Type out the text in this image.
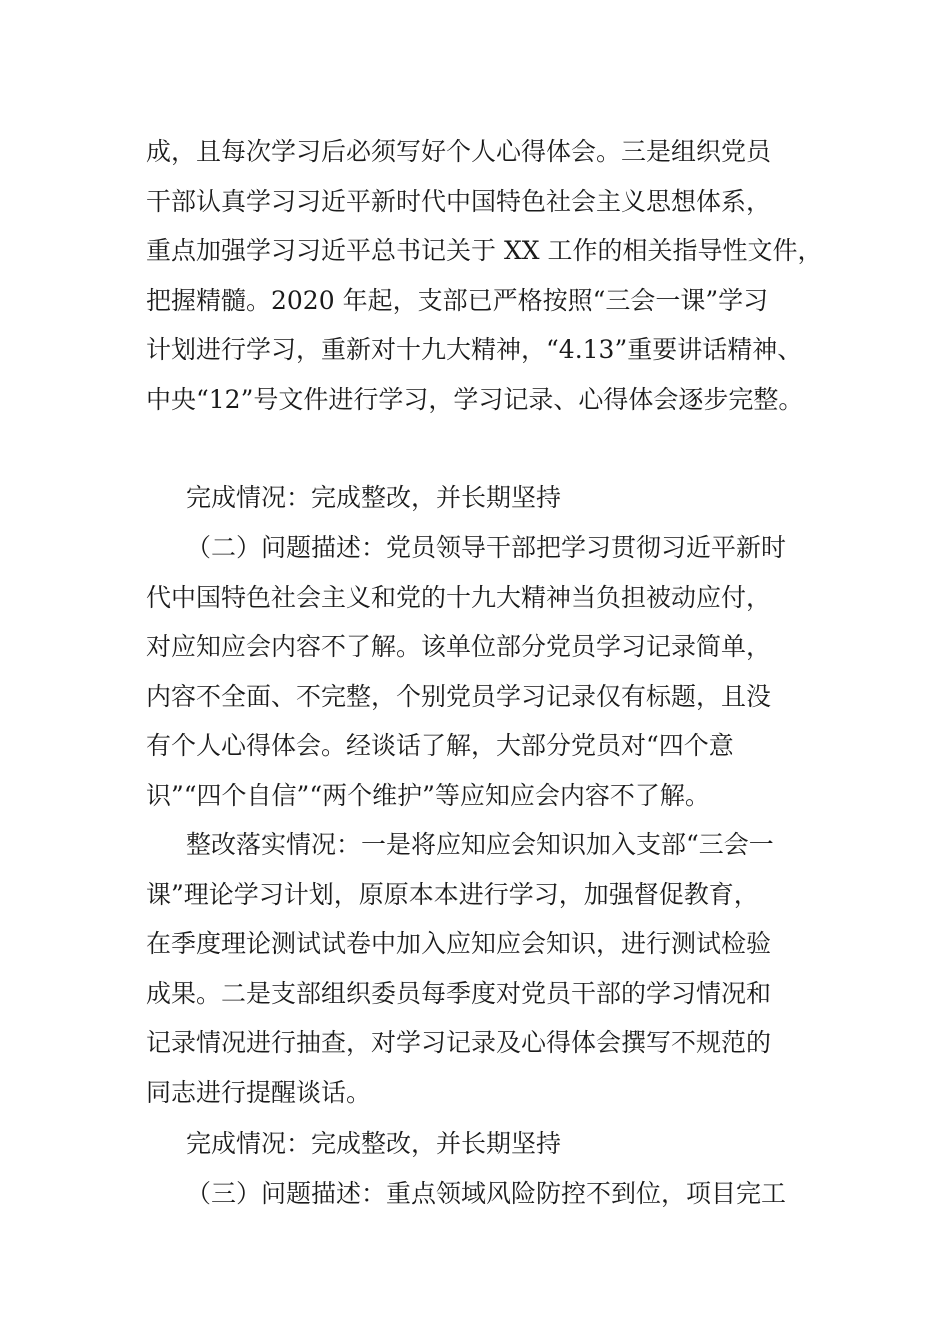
成，且每次学习后必须写好个人心得体会。三是组织党员
干部认真学习习近平新时代中国特色社会主义思想体系，
重点加强学习习近平总书记关于 XX 工作的相关指导性文件，
把握精髓。2020 年起，支部已严格按照“三会一课”学习
计划进行学习，重新对十九大精神，“4.13”重要讲话精神、
中央“12”号文件进行学习，学习记录、心得体会逐步完整。
完成情况：完成整改，并长期坚持
（二）问题描述：党员领导干部把学习贯彻习近平新时
代中国特色社会主义和党的十九大精神当负担被动应付，
对应知应会内容不了解。该单位部分党员学习记录简单，
内容不全面、不完整，个别党员学习记录仅有标题，且没
有个人心得体会。经谈话了解，大部分党员对“四个意
识”“四个自信”“两个维护”等应知应会内容不了解。
整改落实情况：一是将应知应会知识加入支部“三会一
课”理论学习计划，原原本本进行学习，加强督促教育，
在季度理论测试试卷中加入应知应会知识，进行测试检验
成果。二是支部组织委员每季度对党员干部的学习情况和
记录情况进行抽查，对学习记录及心得体会撰写不规范的
同志进行提醒谈话。
完成情况：完成整改，并长期坚持
（三）问题描述：重点领域风险防控不到位，项目完工
